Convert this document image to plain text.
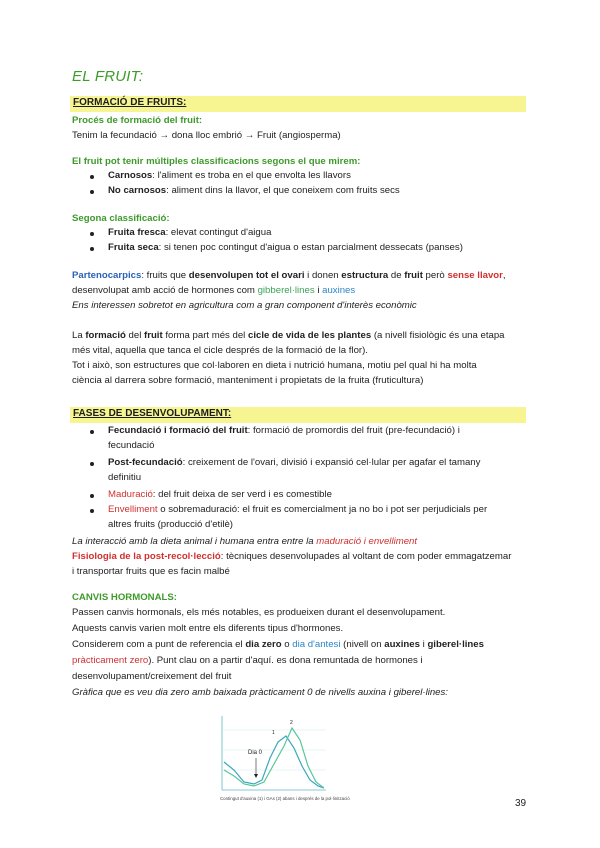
EL FRUIT:
FORMACIÓ DE FRUITS:
Procés de formació del fruit:
Tenim la fecundació → dona lloc embrió → Fruit (angiosperma)
El fruit pot tenir múltiples classificacions segons el que mirem:
Carnosos: l'aliment es troba en el que envolta les llavors
No carnosos: aliment dins la llavor, el que coneixem com fruits secs
Segona classificació:
Fruita fresca: elevat contingut d'aigua
Fruita seca: si tenen poc contingut d'aigua o estan parcialment dessecats (panses)
Partenocarpics: fruits que desenvolupen tot el ovari i donen estructura de fruit però sense llavor,
desenvolupat amb acció de hormones com gibberel·lines i auxines
Ens interessen sobretot en agricultura com a gran component d'interès econòmic
La formació del fruit forma part més del cicle de vida de les plantes (a nivell fisiològic és una etapa
més vital, aquella que tanca el cicle després de la formació de la flor).
Tot i això, son estructures que col·laboren en dieta i nutrició humana, motiu pel qual hi ha molta
ciència al darrera sobre formació, manteniment i propietats de la fruita (fruticultura)
FASES DE DESENVOLUPAMENT:
Fecundació i formació del fruit: formació de promordis del fruit (pre-fecundació) i
fecundació
Post-fecundació: creixement de l'ovari, divisió i expansió cel·lular per agafar el tamany
definitiu
Maduració: del fruit deixa de ser verd i es comestible
Envelliment o sobremaduració: el fruit es comercialment ja no bo i pot ser perjudicials per
altres fruits (producció d'etilè)
La interacció amb la dieta animal i humana entra entre la maduració i envelliment
Fisiologia de la post-recol·lecció: tècniques desenvolupades al voltant de com poder emmagatzemar
i transportar fruits que es facin malbé
CANVIS HORMONALS:
Passen canvis hormonals, els més notables, es produeixen durant el desenvolupament.
Aquests canvis varien molt entre els diferents tipus d'hormones.
Considerem com a punt de referencia el dia zero o dia d'antesi (nivell on auxines i giberel·lines
pràcticament zero). Punt clau on a partir d'aquí. es dona remuntada de hormones i
desenvolupament/creixement del fruit
Gràfica que es veu dia zero amb baixada pràcticament 0 de nivells auxina i giberel·lines:
Dia 0
1
2
Contingut d'auxina (1) i GAs (2) abans i després de la pol·linització	39
